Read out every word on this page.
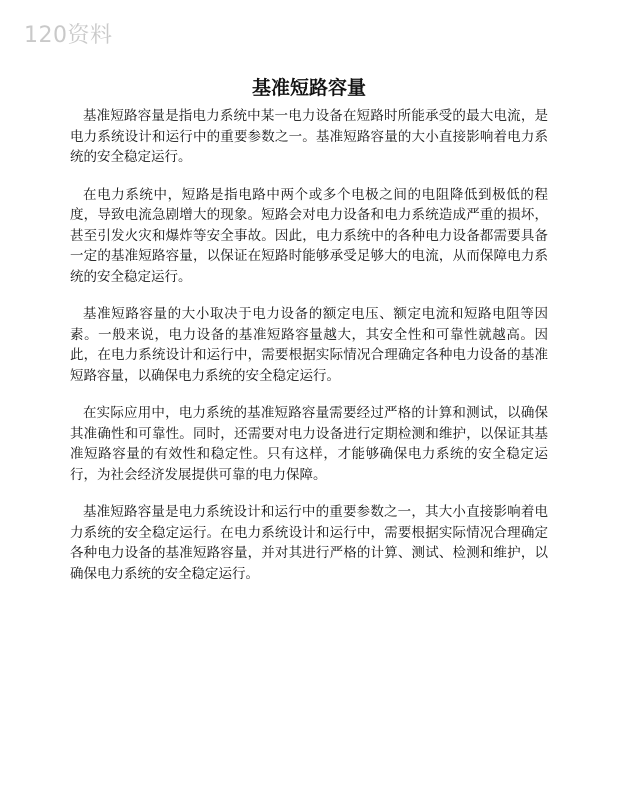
120资料
基准短路容量

基准短路容量是指电力系统中某一电力设备在短路时所能承受的最大电流，是电力系统设计和运行中的重要参数之一。基准短路容量的大小直接影响着电力系统的安全稳定运行。

在电力系统中，短路是指电路中两个或多个电极之间的电阻降低到极低的程度，导致电流急剧增大的现象。短路会对电力设备和电力系统造成严重的损坏，甚至引发火灾和爆炸等安全事故。因此，电力系统中的各种电力设备都需要具备一定的基准短路容量，以保证在短路时能够承受足够大的电流，从而保障电力系统的安全稳定运行。

基准短路容量的大小取决于电力设备的额定电压、额定电流和短路电阻等因素。一般来说，电力设备的基准短路容量越大，其安全性和可靠性就越高。因此，在电力系统设计和运行中，需要根据实际情况合理确定各种电力设备的基准短路容量，以确保电力系统的安全稳定运行。

在实际应用中，电力系统的基准短路容量需要经过严格的计算和测试，以确保其准确性和可靠性。同时，还需要对电力设备进行定期检测和维护，以保证其基准短路容量的有效性和稳定性。只有这样，才能够确保电力系统的安全稳定运行，为社会经济发展提供可靠的电力保障。

基准短路容量是电力系统设计和运行中的重要参数之一，其大小直接影响着电力系统的安全稳定运行。在电力系统设计和运行中，需要根据实际情况合理确定各种电力设备的基准短路容量，并对其进行严格的计算、测试、检测和维护，以确保电力系统的安全稳定运行。
